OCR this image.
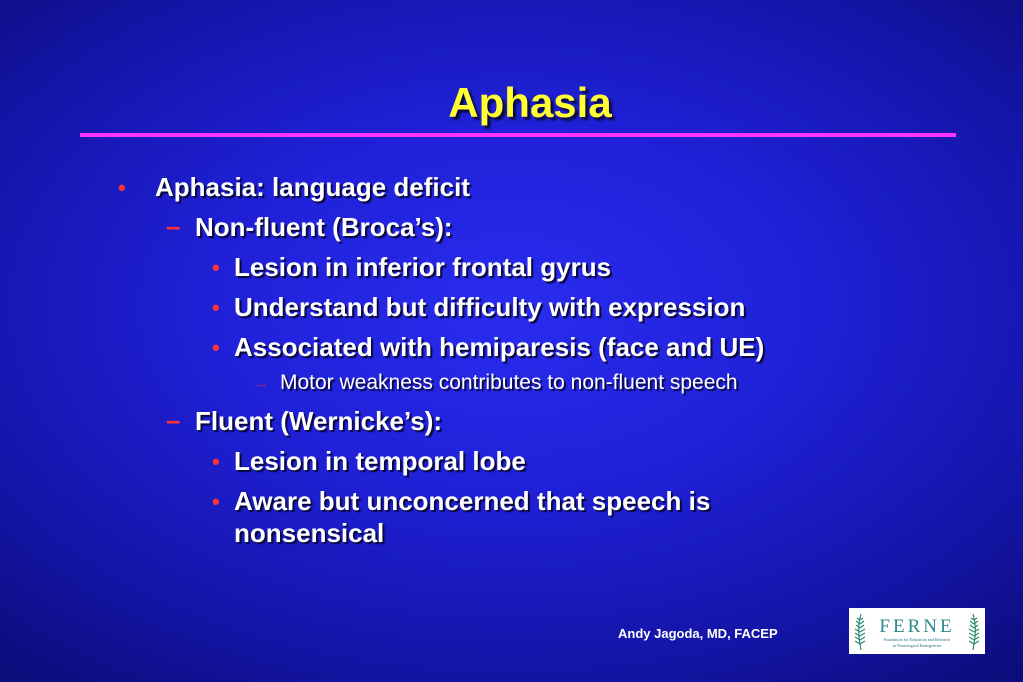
Aphasia
• Aphasia: language deficit
– Non-fluent (Broca’s):
• Lesion in inferior frontal gyrus
• Understand but difficulty with expression
• Associated with hemiparesis (face and UE)
_ Motor weakness contributes to non-fluent speech
– Fluent (Wernicke’s):
• Lesion in temporal lobe
• Aware but unconcerned that speech is
nonsensical
Andy Jagoda, MD, FACEP	FERNE
Foundation for Education and Research
in Neurological Emergencies
